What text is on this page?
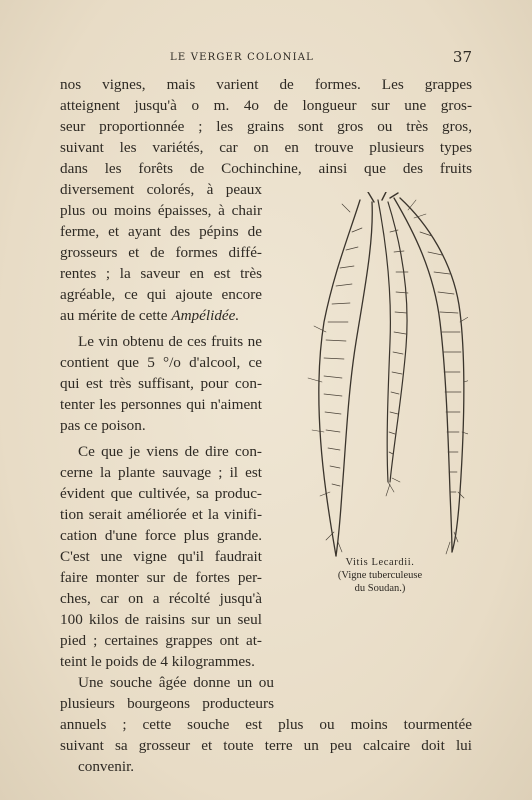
LE VERGER COLONIAL	37
nos vignes, mais varient de formes. Les grappes
atteignent jusqu'à o m. 4o de longueur sur une gros-
seur proportionnée ; les grains sont gros ou très gros,
suivant les variétés, car on en trouve plusieurs types
dans les forêts de Cochinchine, ainsi que des fruits
diversement colorés, à peaux
plus ou moins épaisses, à chair
ferme, et ayant des pépins de
grosseurs et de formes diffé-
rentes ; la saveur en est très
agréable, ce qui ajoute encore
au mérite de cette Ampélidée.
Le vin obtenu de ces fruits ne
contient que 5 °/o d'alcool, ce
qui est très suffisant, pour con-
tenter les personnes qui n'aiment
pas ce poison.
Ce que je viens de dire con-
cerne la plante sauvage ; il est
évident que cultivée, sa produc-
tion serait améliorée et la vinifi-
cation d'une force plus grande.
C'est une vigne qu'il faudrait
faire monter sur de fortes per-
ches, car on a récolté jusqu'à
100 kilos de raisins sur un seul
pied ; certaines grappes ont at-
teint le poids de 4 kilogrammes.
Une souche âgée donne un ou
plusieurs bourgeons producteurs
annuels ; cette souche est plus ou moins tourmentée
suivant sa grosseur et toute terre un peu calcaire doit lui
convenir.
Vitis Lecardii.
(Vigne tuberculeuse
du Soudan.)
